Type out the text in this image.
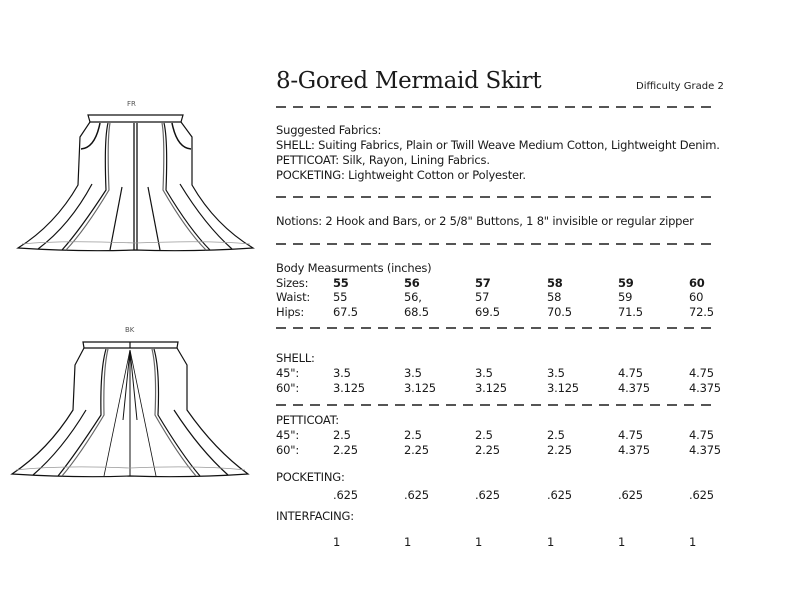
FR
BK
8-Gored Mermaid Skirt	Difficulty Grade 2
Suggested Fabrics:
SHELL: Suiting Fabrics, Plain or Twill Weave Medium Cotton, Lightweight Denim.
PETTICOAT: Silk, Rayon, Lining Fabrics.
POCKETING: Lightweight Cotton or Polyester.
Notions: 2 Hook and Bars, or 2 5/8" Buttons, 1 8" invisible or regular zipper
Body Measurments (inches)
Sizes: 55	56	57	58	59	60
Waist: 55	56,	57	58	59	60
Hips:	67.5	68.5	69.5	70.5	71.5	72.5
SHELL:
45":	3.5	3.5	3.5	3.5	4.75	4.75
60":	3.125	3.125	3.125	3.125	4.375	4.375
PETTICOAT:
45":	2.5	2.5	2.5	2.5	4.75	4.75
60":	2.25	2.25	2.25	2.25	4.375	4.375
POCKETING:
.625	.625	.625	.625	.625	.625
INTERFACING:
1	1	1	1	1	1
